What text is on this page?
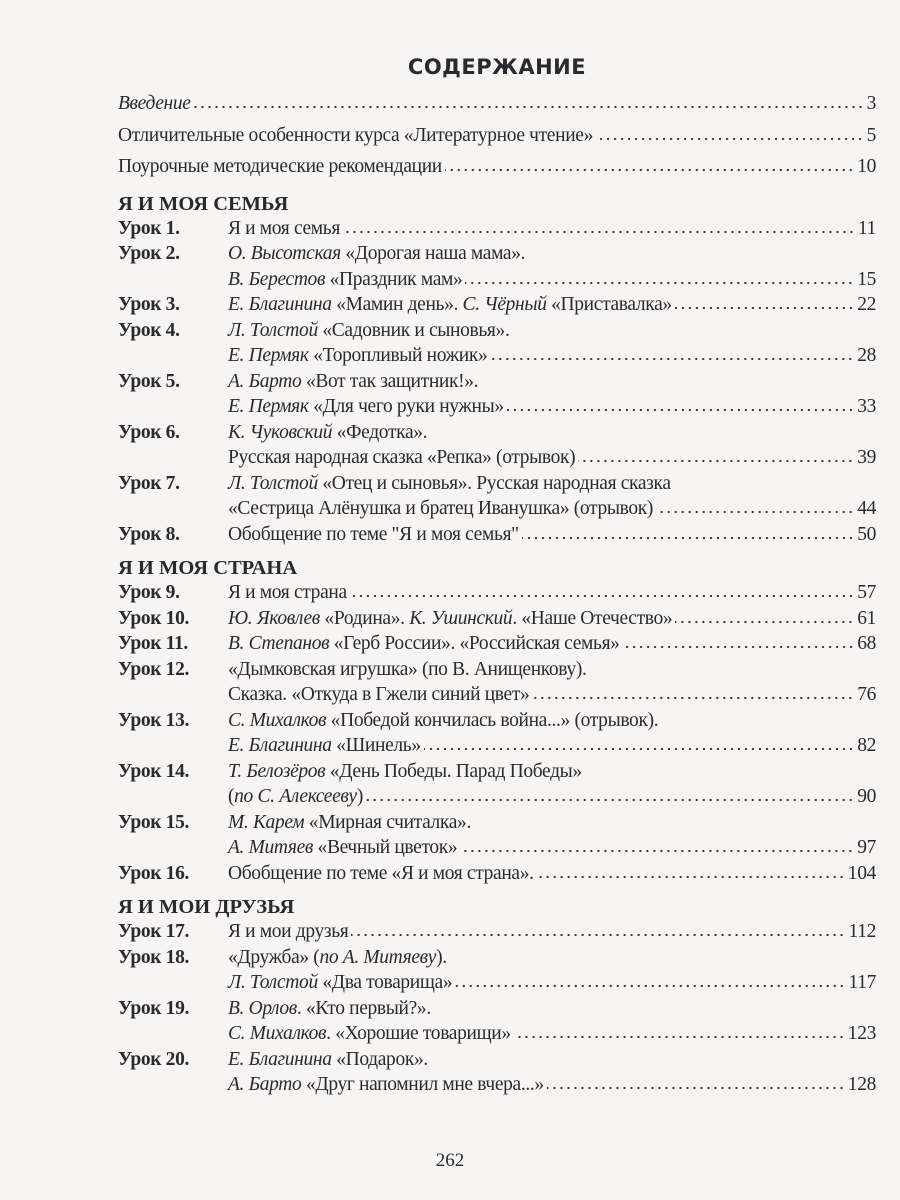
СОДЕРЖАНИЕ
Введение	3
Отличительные особенности курса «Литературное чтение»	5
Поурочные методические рекомендации	10
Я И МОЯ СЕМЬЯ
Урок 1.	Я и моя семья	11
Урок 2.	О. Высотская «Дорогая наша мама».
В. Берестов «Праздник мам»	15
Урок 3.	Е. Благинина «Мамин день». С. Чёрный «Приставалка»	22
Урок 4.	Л. Толстой «Садовник и сыновья».
Е. Пермяк «Торопливый ножик»	28
Урок 5.	А. Барто «Вот так защитник!».
Е. Пермяк «Для чего руки нужны»	33
Урок 6.	К. Чуковский «Федотка».
Русская народная сказка «Репка» (отрывок)	39
Урок 7.	Л. Толстой «Отец и сыновья». Русская народная сказка
«Сестрица Алёнушка и братец Иванушка» (отрывок)	44
Урок 8.	Обобщение по теме "Я и моя семья"	50
Я И МОЯ СТРАНА
Урок 9.	Я и моя страна	57
Урок 10.	Ю. Яковлев «Родина». К. Ушинский. «Наше Отечество»	61
Урок 11.	В. Степанов «Герб России». «Российская семья»	68
Урок 12.	«Дымковская игрушка» (по В. Анищенкову).
Сказка. «Откуда в Гжели синий цвет»	76
Урок 13.	С. Михалков «Победой кончилась война...» (отрывок).
Е. Благинина «Шинель»	82
Урок 14.	Т. Белозёров «День Победы. Парад Победы»
(по С. Алексееву)	90
Урок 15.	М. Карем «Мирная считалка».
А. Митяев «Вечный цветок»	97
Урок 16.	Обобщение по теме «Я и моя страна».	104
Я И МОИ ДРУЗЬЯ
Урок 17.	Я и мои друзья	112
Урок 18.	«Дружба» (по А. Митяеву).
Л. Толстой «Два товарища»	117
Урок 19.	В. Орлов. «Кто первый?».
С. Михалков. «Хорошие товарищи»	123
Урок 20.	Е. Благинина «Подарок».
А. Барто «Друг напомнил мне вчера...»	128
262
